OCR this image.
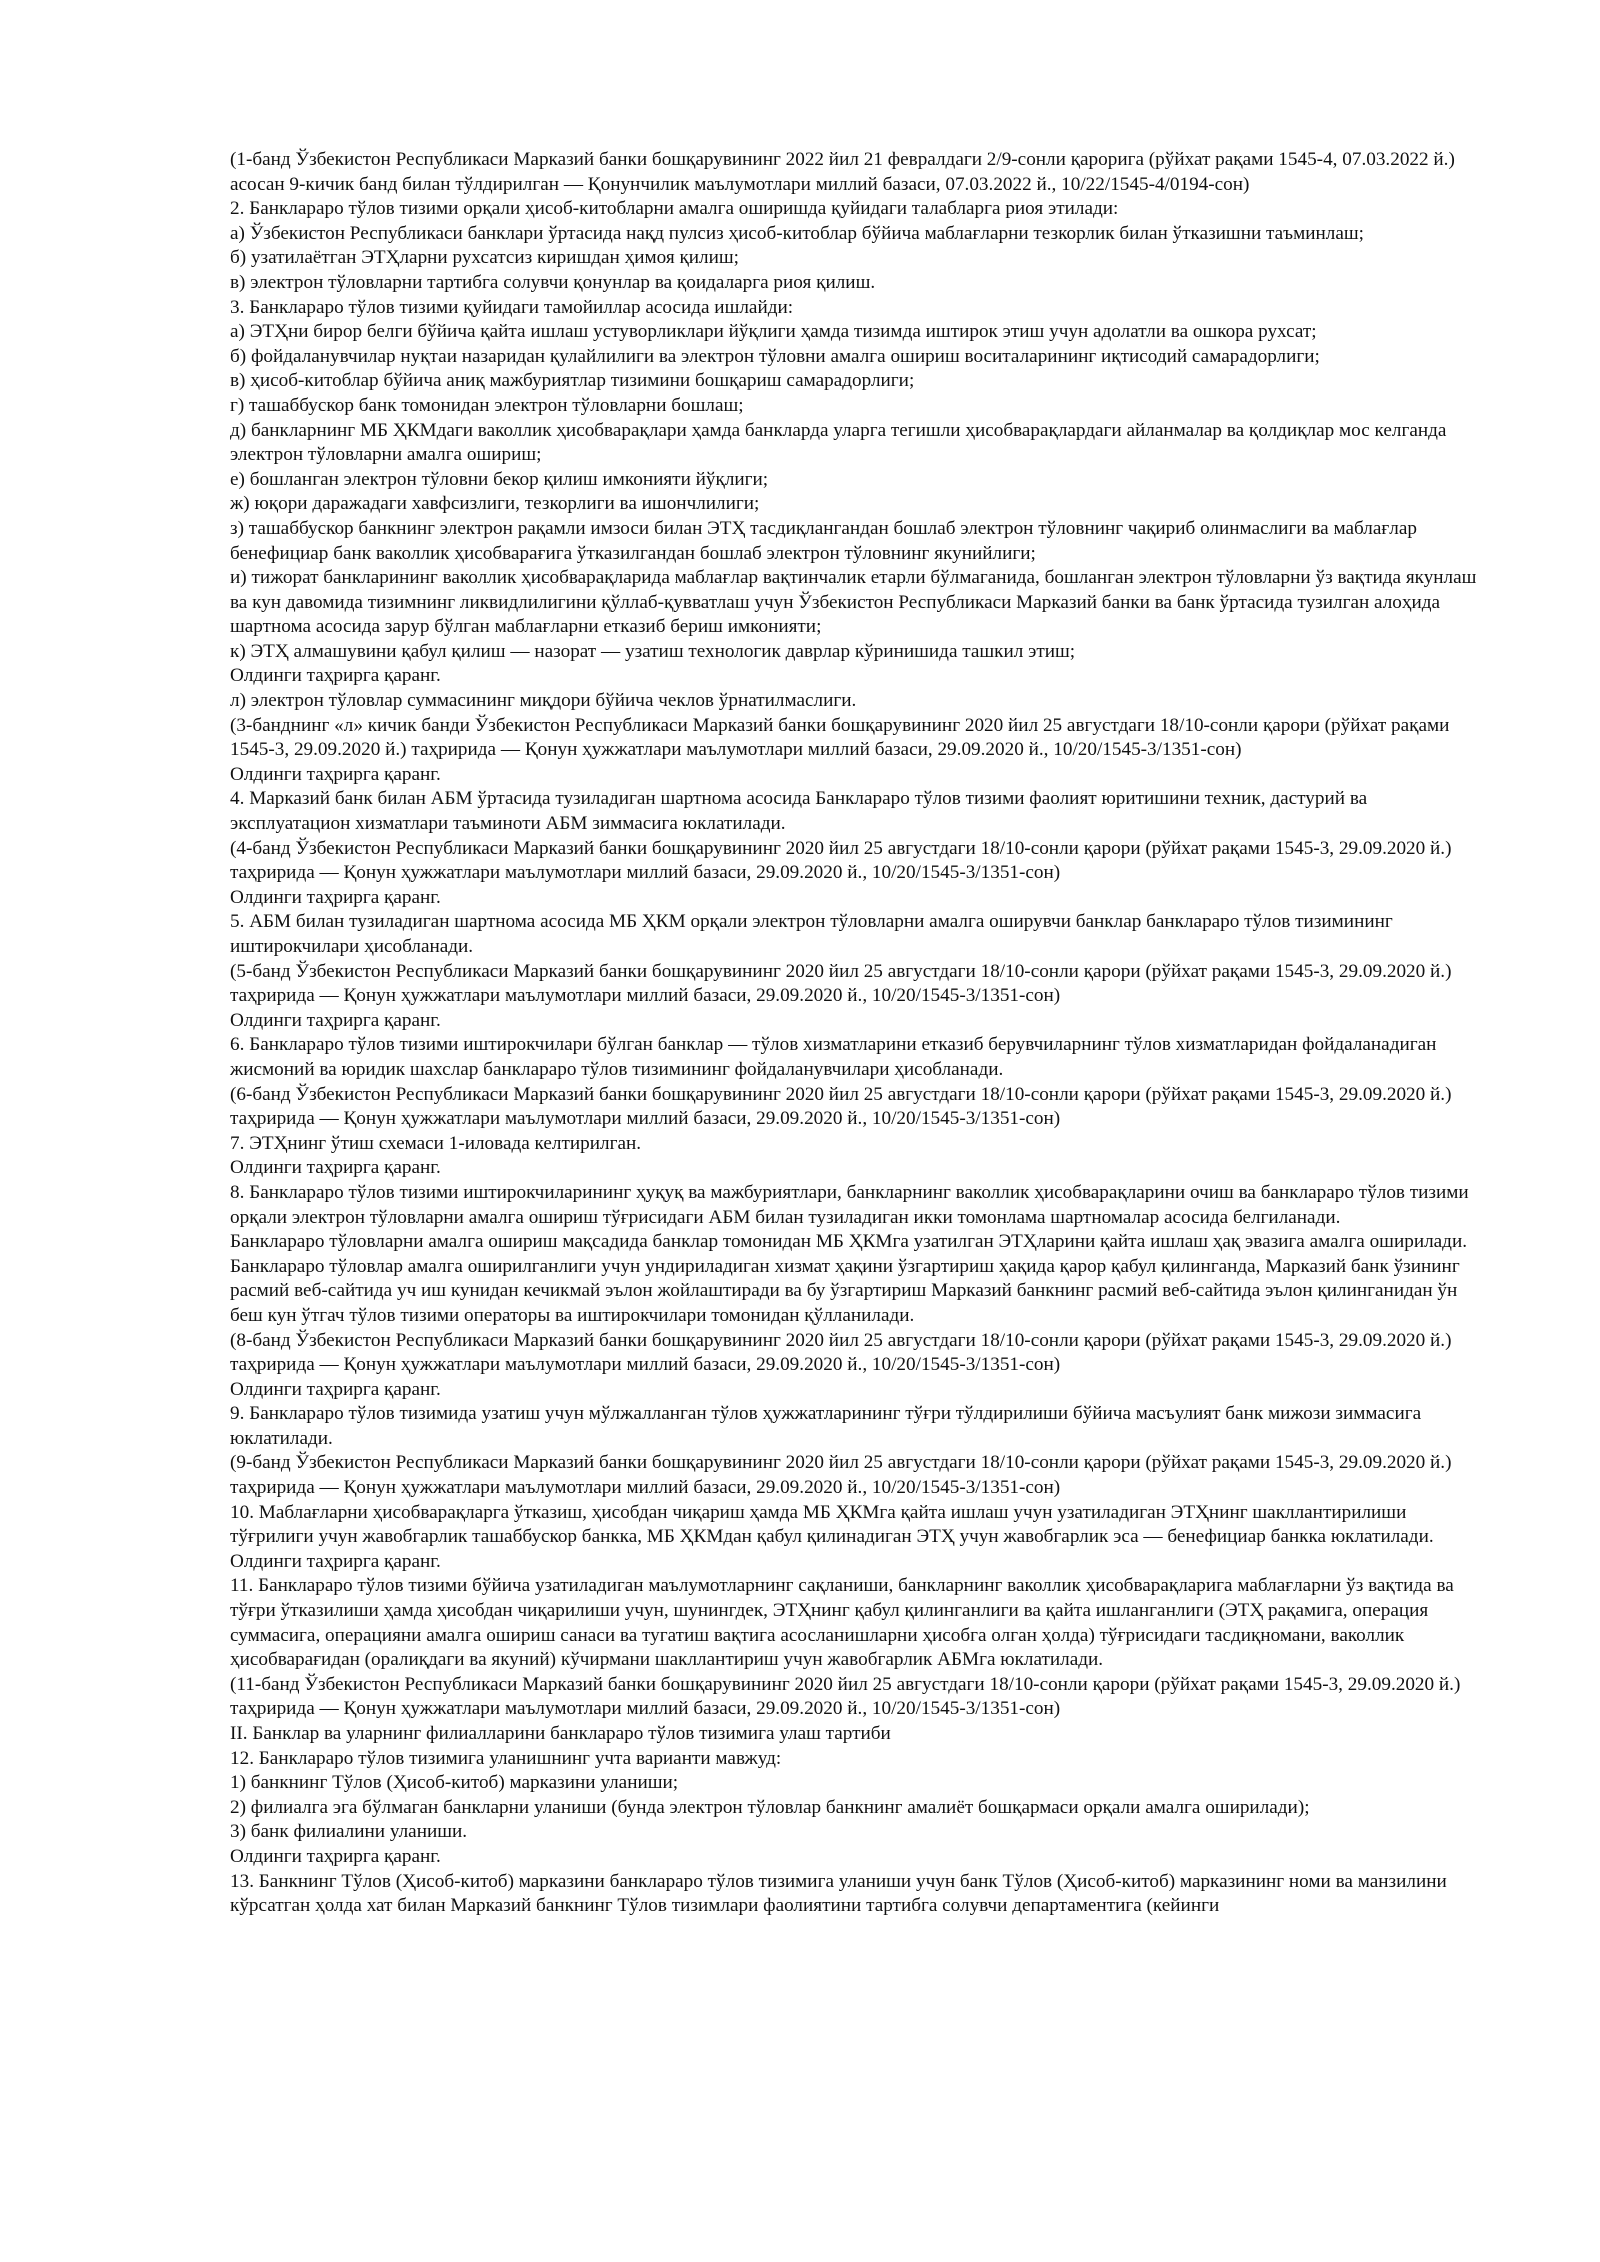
(1-банд Ўзбекистон Республикаси Марказий банки бошқарувининг 2022 йил 21 февралдаги 2/9-сонли қарорига (рўйхат рақами 1545-4, 07.03.2022 й.) асосан 9-кичик банд билан тўлдирилган — Қонунчилик маълумотлари миллий базаси, 07.03.2022 й., 10/22/1545-4/0194-сон)

2. Банклараро тўлов тизими орқали ҳисоб-китобларни амалга оширишда қуйидаги талабларга риоя этилади:

а) Ўзбекистон Республикаси банклари ўртасида нақд пулсиз ҳисоб-китоблар бўйича маблағларни тезкорлик билан ўтказишни таъминлаш;

б) узатилаётган ЭТҲларни рухсатсиз киришдан ҳимоя қилиш;

в) электрон тўловларни тартибга солувчи қонунлар ва қоидаларга риоя қилиш.

3. Банклараро тўлов тизими қуйидаги тамойиллар асосида ишлайди:

а) ЭТҲни бирор белги бўйича қайта ишлаш устуворликлари йўқлиги ҳамда тизимда иштирок этиш учун адолатли ва ошкора рухсат;

б) фойдаланувчилар нуқтаи назаридан қулайлилиги ва электрон тўловни амалга ошириш воситаларининг иқтисодий самарадорлиги;

в) ҳисоб-китоблар бўйича аниқ мажбуриятлар тизимини бошқариш самарадорлиги;

г) ташаббускор банк томонидан электрон тўловларни бошлаш;

д) банкларнинг МБ ҲКМдаги ваколлик ҳисобварақлари ҳамда банкларда уларга тегишли ҳисобварақлардаги айланмалар ва қолдиқлар мос келганда электрон тўловларни амалга ошириш;

е) бошланган электрон тўловни бекор қилиш имконияти йўқлиги;

ж) юқори даражадаги хавфсизлиги, тезкорлиги ва ишончлилиги;

з) ташаббускор банкнинг электрон рақамли имзоси билан ЭТҲ тасдиқлангандан бошлаб электрон тўловнинг чақириб олинмаслиги ва маблағлар бенефициар банк ваколлик ҳисобварағига ўтказилгандан бошлаб электрон тўловнинг якунийлиги;

и) тижорат банкларининг ваколлик ҳисобварақларида маблағлар вақтинчалик етарли бўлмаганида, бошланган электрон тўловларни ўз вақтида якунлаш ва кун давомида тизимнинг ликвидлилигини қўллаб-қувватлаш учун Ўзбекистон Республикаси Марказий банки ва банк ўртасида тузилган алоҳида шартнома асосида зарур бўлган маблағларни етказиб бериш имконияти;

к) ЭТҲ алмашувини қабул қилиш — назорат — узатиш технологик даврлар кўринишида ташкил этиш;

Олдинги таҳрирга қаранг.

л) электрон тўловлар суммасининг миқдори бўйича чеклов ўрнатилмаслиги.

(3-банднинг «л» кичик банди Ўзбекистон Республикаси Марказий банки бошқарувининг 2020 йил 25 августдаги 18/10-сонли қарори (рўйхат рақами 1545-3, 29.09.2020 й.) таҳририда — Қонун ҳужжатлари маълумотлари миллий базаси, 29.09.2020 й., 10/20/1545-3/1351-сон)

Олдинги таҳрирга қаранг.

4. Марказий банк билан АБМ ўртасида тузиладиган шартнома асосида Банклараро тўлов тизими фаолият юритишини техник, дастурий ва эксплуатацион хизматлари таъминоти АБМ зиммасига юклатилади.

(4-банд Ўзбекистон Республикаси Марказий банки бошқарувининг 2020 йил 25 августдаги 18/10-сонли қарори (рўйхат рақами 1545-3, 29.09.2020 й.) таҳририда — Қонун ҳужжатлари маълумотлари миллий базаси, 29.09.2020 й., 10/20/1545-3/1351-сон)

Олдинги таҳрирга қаранг.

5. АБМ билан тузиладиган шартнома асосида МБ ҲКМ орқали электрон тўловларни амалга оширувчи банклар банклараро тўлов тизимининг иштирокчилари ҳисобланади.

(5-банд Ўзбекистон Республикаси Марказий банки бошқарувининг 2020 йил 25 августдаги 18/10-сонли қарори (рўйхат рақами 1545-3, 29.09.2020 й.) таҳририда — Қонун ҳужжатлари маълумотлари миллий базаси, 29.09.2020 й., 10/20/1545-3/1351-сон)

Олдинги таҳрирга қаранг.

6. Банклараро тўлов тизими иштирокчилари бўлган банклар — тўлов хизматларини етказиб берувчиларнинг тўлов хизматларидан фойдаланадиган жисмоний ва юридик шахслар банклараро тўлов тизимининг фойдаланувчилари ҳисобланади.

(6-банд Ўзбекистон Республикаси Марказий банки бошқарувининг 2020 йил 25 августдаги 18/10-сонли қарори (рўйхат рақами 1545-3, 29.09.2020 й.) таҳририда — Қонун ҳужжатлари маълумотлари миллий базаси, 29.09.2020 й., 10/20/1545-3/1351-сон)

7. ЭТҲнинг ўтиш схемаси 1-иловада келтирилган.

Олдинги таҳрирга қаранг.

8. Банклараро тўлов тизими иштирокчиларининг ҳуқуқ ва мажбуриятлари, банкларнинг ваколлик ҳисобварақларини очиш ва банклараро тўлов тизими орқали электрон тўловларни амалга ошириш тўғрисидаги АБМ билан тузиладиган икки томонлама шартномалар асосида белгиланади.

Банклараро тўловларни амалга ошириш мақсадида банклар томонидан МБ ҲКМга узатилган ЭТҲларини қайта ишлаш ҳақ эвазига амалга оширилади.

Банклараро тўловлар амалга оширилганлиги учун ундириладиган хизмат ҳақини ўзгартириш ҳақида қарор қабул қилинганда, Марказий банк ўзининг расмий веб-сайтида уч иш кунидан кечикмай эълон жойлаштиради ва бу ўзгартириш Марказий банкнинг расмий веб-сайтида эълон қилинганидан ўн беш кун ўтгач тўлов тизими операторы ва иштирокчилари томонидан қўлланилади.

(8-банд Ўзбекистон Республикаси Марказий банки бошқарувининг 2020 йил 25 августдаги 18/10-сонли қарори (рўйхат рақами 1545-3, 29.09.2020 й.) таҳририда — Қонун ҳужжатлари маълумотлари миллий базаси, 29.09.2020 й., 10/20/1545-3/1351-сон)

Олдинги таҳрирга қаранг.

9. Банклараро тўлов тизимида узатиш учун мўлжалланган тўлов ҳужжатларининг тўғри тўлдирилиши бўйича масъулият банк мижози зиммасига юклатилади.

(9-банд Ўзбекистон Республикаси Марказий банки бошқарувининг 2020 йил 25 августдаги 18/10-сонли қарори (рўйхат рақами 1545-3, 29.09.2020 й.) таҳририда — Қонун ҳужжатлари маълумотлари миллий базаси, 29.09.2020 й., 10/20/1545-3/1351-сон)

10. Маблағларни ҳисобварақларга ўтказиш, ҳисобдан чиқариш ҳамда МБ ҲКМга қайта ишлаш учун узатиладиган ЭТҲнинг шакллантирилиши тўғрилиги учун жавобгарлик ташаббускор банкка, МБ ҲКМдан қабул қилинадиган ЭТҲ учун жавобгарлик эса — бенефициар банкка юклатилади.

Олдинги таҳрирга қаранг.

11. Банклараро тўлов тизими бўйича узатиладиган маълумотларнинг сақланиши, банкларнинг ваколлик ҳисобварақларига маблағларни ўз вақтида ва тўғри ўтказилиши ҳамда ҳисобдан чиқарилиши учун, шунингдек, ЭТҲнинг қабул қилинганлиги ва қайта ишланганлиги (ЭТҲ рақамига, операция суммасига, операцияни амалга ошириш санаси ва тугатиш вақтига асосланишларни ҳисобга олган ҳолда) тўғрисидаги тасдиқномани, ваколлик ҳисобварағидан (оралиқдаги ва якуний) кўчирмани шакллантириш учун жавобгарлик АБМга юклатилади.

(11-банд Ўзбекистон Республикаси Марказий банки бошқарувининг 2020 йил 25 августдаги 18/10-сонли қарори (рўйхат рақами 1545-3, 29.09.2020 й.) таҳририда — Қонун ҳужжатлари маълумотлари миллий базаси, 29.09.2020 й., 10/20/1545-3/1351-сон)

II. Банклар ва уларнинг филиалларини банклараро тўлов тизимига улаш тартиби

12. Банклараро тўлов тизимига уланишнинг учта варианти мавжуд:

1) банкнинг Тўлов (Ҳисоб-китоб) марказини уланиши;

2) филиалга эга бўлмаган банкларни уланиши (бунда электрон тўловлар банкнинг амалиёт бошқармаси орқали амалга оширилади);

3) банк филиалини уланиши.

Олдинги таҳрирга қаранг.

13. Банкнинг Тўлов (Ҳисоб-китоб) марказини банклараро тўлов тизимига уланиши учун банк Тўлов (Ҳисоб-китоб) марказининг номи ва манзилини кўрсатган ҳолда хат билан Марказий банкнинг Тўлов тизимлари фаолиятини тартибга солувчи департаментига (кейинги
